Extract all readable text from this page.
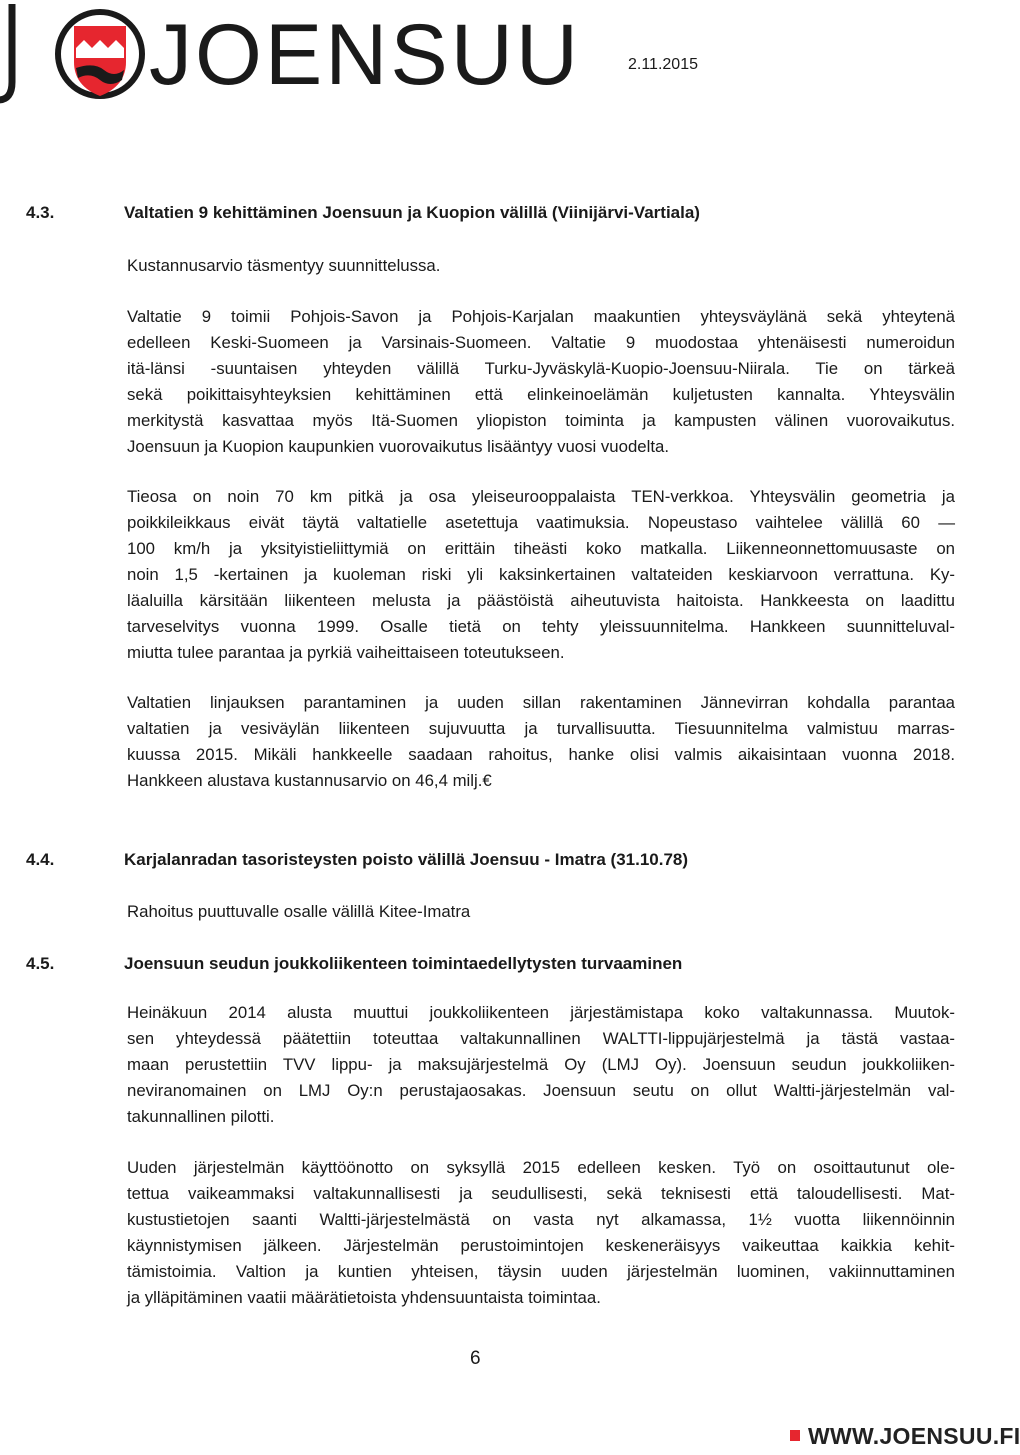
JOENSUU	2.11.2015
4.3.	Valtatien 9 kehittäminen Joensuun ja Kuopion välillä (Viinijärvi-Vartiala)
Kustannusarvio täsmentyy suunnittelussa.

Valtatie 9 toimii Pohjois-Savon ja Pohjois-Karjalan maakuntien yhteysväylänä sekä yhteytenä
edelleen Keski-Suomeen ja Varsinais-Suomeen. Valtatie 9 muodostaa yhtenäisesti numeroidun
itä-länsi -suuntaisen yhteyden välillä Turku-Jyväskylä-Kuopio-Joensuu-Niirala. Tie on tärkeä
sekä poikittaisyhteyksien kehittäminen että elinkeinoelämän kuljetusten kannalta. Yhteysvälin
merkitystä kasvattaa myös Itä-Suomen yliopiston toiminta ja kampusten välinen vuorovaikutus.
Joensuun ja Kuopion kaupunkien vuorovaikutus lisääntyy vuosi vuodelta.

Tieosa on noin 70 km pitkä ja osa yleiseurooppalaista TEN-verkkoa. Yhteysvälin geometria ja
poikkileikkaus eivät täytä valtatielle asetettuja vaatimuksia. Nopeustaso vaihtelee välillä 60 —
100 km/h ja yksityistieliittymiä on erittäin tiheästi koko matkalla. Liikenneonnettomuusaste on
noin 1,5 -kertainen ja kuoleman riski yli kaksinkertainen valtateiden keskiarvoon verrattuna. Ky-
läaluilla kärsitään liikenteen melusta ja päästöistä aiheutuvista haitoista. Hankkeesta on laadittu
tarveselvitys vuonna 1999. Osalle tietä on tehty yleissuunnitelma. Hankkeen suunnitteluval-
miutta tulee parantaa ja pyrkiä vaiheittaiseen toteutukseen.

Valtatien linjauksen parantaminen ja uuden sillan rakentaminen Jännevirran kohdalla parantaa
valtatien ja vesiväylän liikenteen sujuvuutta ja turvallisuutta. Tiesuunnitelma valmistuu marras-
kuussa 2015. Mikäli hankkeelle saadaan rahoitus, hanke olisi valmis aikaisintaan vuonna 2018.
Hankkeen alustava kustannusarvio on 46,4 milj.€

4.4.	Karjalanradan tasoristeysten poisto välillä Joensuu - Imatra (31.10.78)
Rahoitus puuttuvalle osalle välillä Kitee-Imatra
4.5.	Joensuun seudun joukkoliikenteen toimintaedellytysten turvaaminen

Heinäkuun 2014 alusta muuttui joukkoliikenteen järjestämistapa koko valtakunnassa. Muutok-
sen yhteydessä päätettiin toteuttaa valtakunnallinen WALTTI-lippujärjestelmä ja tästä vastaa-
maan perustettiin TVV lippu- ja maksujärjestelmä Oy (LMJ Oy). Joensuun seudun joukkoliiken-
neviranomainen on LMJ Oy:n perustajaosakas. Joensuun seutu on ollut Waltti-järjestelmän val-
takunnallinen pilotti.

Uuden järjestelmän käyttöönotto on syksyllä 2015 edelleen kesken. Työ on osoittautunut ole-
tettua vaikeammaksi valtakunnallisesti ja seudullisesti, sekä teknisesti että taloudellisesti. Mat-
kustustietojen saanti Waltti-järjestelmästä on vasta nyt alkamassa, 1½ vuotta liikennöinnin
käynnistymisen jälkeen. Järjestelmän perustoimintojen keskeneräisyys vaikeuttaa kaikkia kehit-
tämistoimia. Valtion ja kuntien yhteisen, täysin uuden järjestelmän luominen, vakiinnuttaminen
ja ylläpitäminen vaatii määrätietoista yhdensuuntaista toimintaa.

6
WWW.JOENSUU.FI
